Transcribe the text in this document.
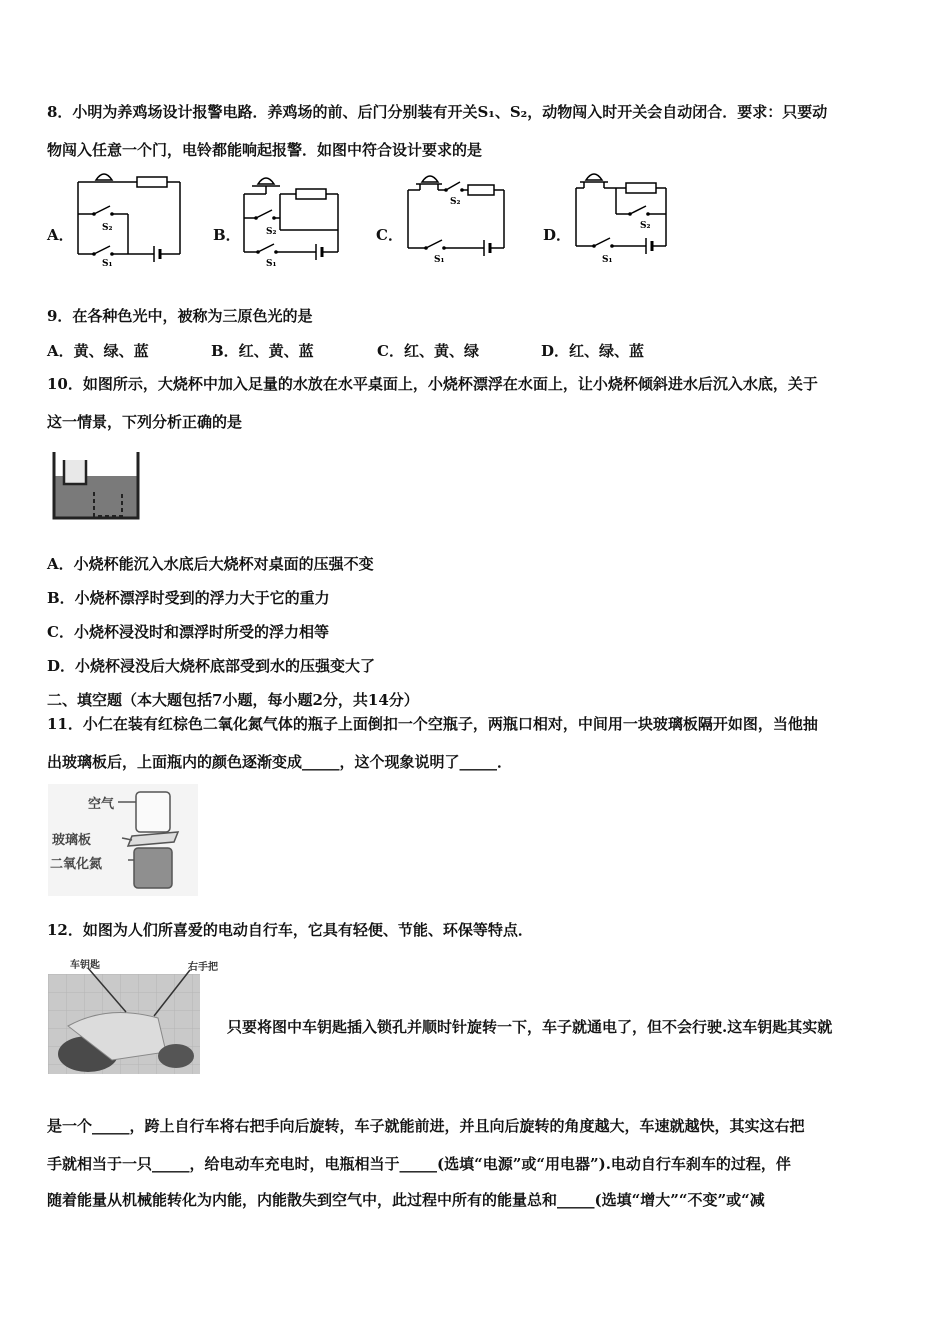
8．小明为养鸡场设计报警电路．养鸡场的前、后门分别装有开关S₁、S₂，动物闯入时开关会自动闭合．要求：只要动
物闯入任意一个门，电铃都能响起报警．如图中符合设计要求的是
A．	S₂
S₁
B．	S₂
S₁
C．
S₂
S₁
D．	S₂
S₁
9．在各种色光中，被称为三原色光的是
A．黄、绿、蓝	B．红、黄、蓝	C．红、黄、绿	D．红、绿、蓝
10．如图所示，大烧杯中加入足量的水放在水平桌面上，小烧杯漂浮在水面上，让小烧杯倾斜进水后沉入水底，关于
这一情景，下列分析正确的是
A．小烧杯能沉入水底后大烧杯对桌面的压强不变
B．小烧杯漂浮时受到的浮力大于它的重力
C．小烧杯浸没时和漂浮时所受的浮力相等
D．小烧杯浸没后大烧杯底部受到水的压强变大了
二、填空题（本大题包括7小题，每小题2分，共14分）
11．小仁在装有红棕色二氧化氮气体的瓶子上面倒扣一个空瓶子，两瓶口相对，中间用一块玻璃板隔开如图，当他抽
出玻璃板后，上面瓶内的颜色逐渐变成_____，这个现象说明了_____．
空气
玻璃板
二氧化氮
12．如图为人们所喜爱的电动自行车，它具有轻便、节能、环保等特点．
车钥匙	右手把
只要将图中车钥匙插入锁孔并顺时针旋转一下，车子就通电了，但不会行驶.这车钥匙其实就
是一个_____，跨上自行车将右把手向后旋转，车子就能前进，并且向后旋转的角度越大，车速就越快，其实这右把
手就相当于一只_____，给电动车充电时，电瓶相当于_____(选填“电源”或“用电器”).电动自行车刹车的过程，伴
随着能量从机械能转化为内能，内能散失到空气中，此过程中所有的能量总和_____(选填“增大”“不变”或“减
